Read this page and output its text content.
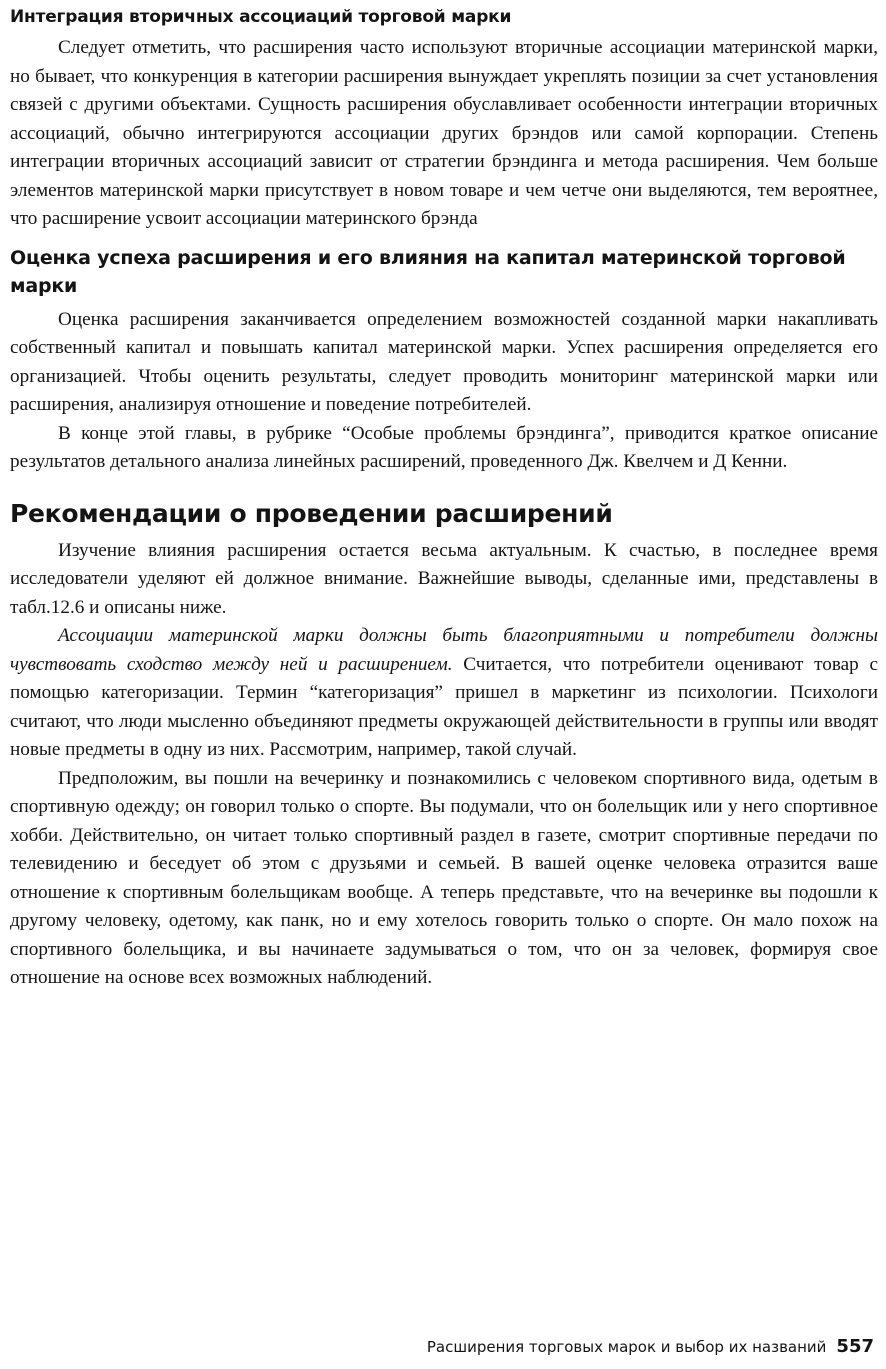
Интеграция вторичных ассоциаций торговой марки

Следует отметить, что расширения часто используют вторичные ассоциации материнской марки, но бывает, что конкуренция в категории расширения вынуждает укреплять позиции за счет установления связей с другими объектами. Сущность расширения обуславливает особенности интеграции вторичных ассоциаций, обычно интегрируются ассоциации других брэндов или самой корпорации. Степень интеграции вторичных ассоциаций зависит от стратегии брэндинга и метода расширения. Чем больше элементов материнской марки присутствует в новом товаре и чем четче они выделяются, тем вероятнее, что расширение усвоит ассоциации материнского брэнда

Оценка успеха расширения и его влияния на капитал материнской торговой марки

Оценка расширения заканчивается определением возможностей созданной марки накапливать собственный капитал и повышать капитал материнской марки. Успех расширения определяется его организацией. Чтобы оценить результаты, следует проводить мониторинг материнской марки или расширения, анализируя отношение и поведение потребителей.

В конце этой главы, в рубрике “Особые проблемы брэндинга”, приводится краткое описание результатов детального анализа линейных расширений, проведенного Дж. Квелчем и Д Кенни.

Рекомендации о проведении расширений

Изучение влияния расширения остается весьма актуальным. К счастью, в последнее время исследователи уделяют ей должное внимание. Важнейшие выводы, сделанные ими, представлены в табл.12.6 и описаны ниже.

Ассоциации материнской марки должны быть благоприятными и потребители должны чувствовать сходство между ней и расширением. Считается, что потребители оценивают товар с помощью категоризации. Термин “категоризация” пришел в маркетинг из психологии. Психологи считают, что люди мысленно объединяют предметы окружающей действительности в группы или вводят новые предметы в одну из них. Рассмотрим, например, такой случай.

Предположим, вы пошли на вечеринку и познакомились с человеком спортивного вида, одетым в спортивную одежду; он говорил только о спорте. Вы подумали, что он болельщик или у него спортивное хобби. Действительно, он читает только спортивный раздел в газете, смотрит спортивные передачи по телевидению и беседует об этом с друзьями и семьей. В вашей оценке человека отразится ваше отношение к спортивным болельщикам вообще. А теперь представьте, что на вечеринке вы подошли к другому человеку, одетому, как панк, но и ему хотелось говорить только о спорте. Он мало похож на спортивного болельщика, и вы начинаете задумываться о том, что он за человек, формируя свое отношение на основе всех возможных наблюдений.

Расширения торговых марок и выбор их названий 557
